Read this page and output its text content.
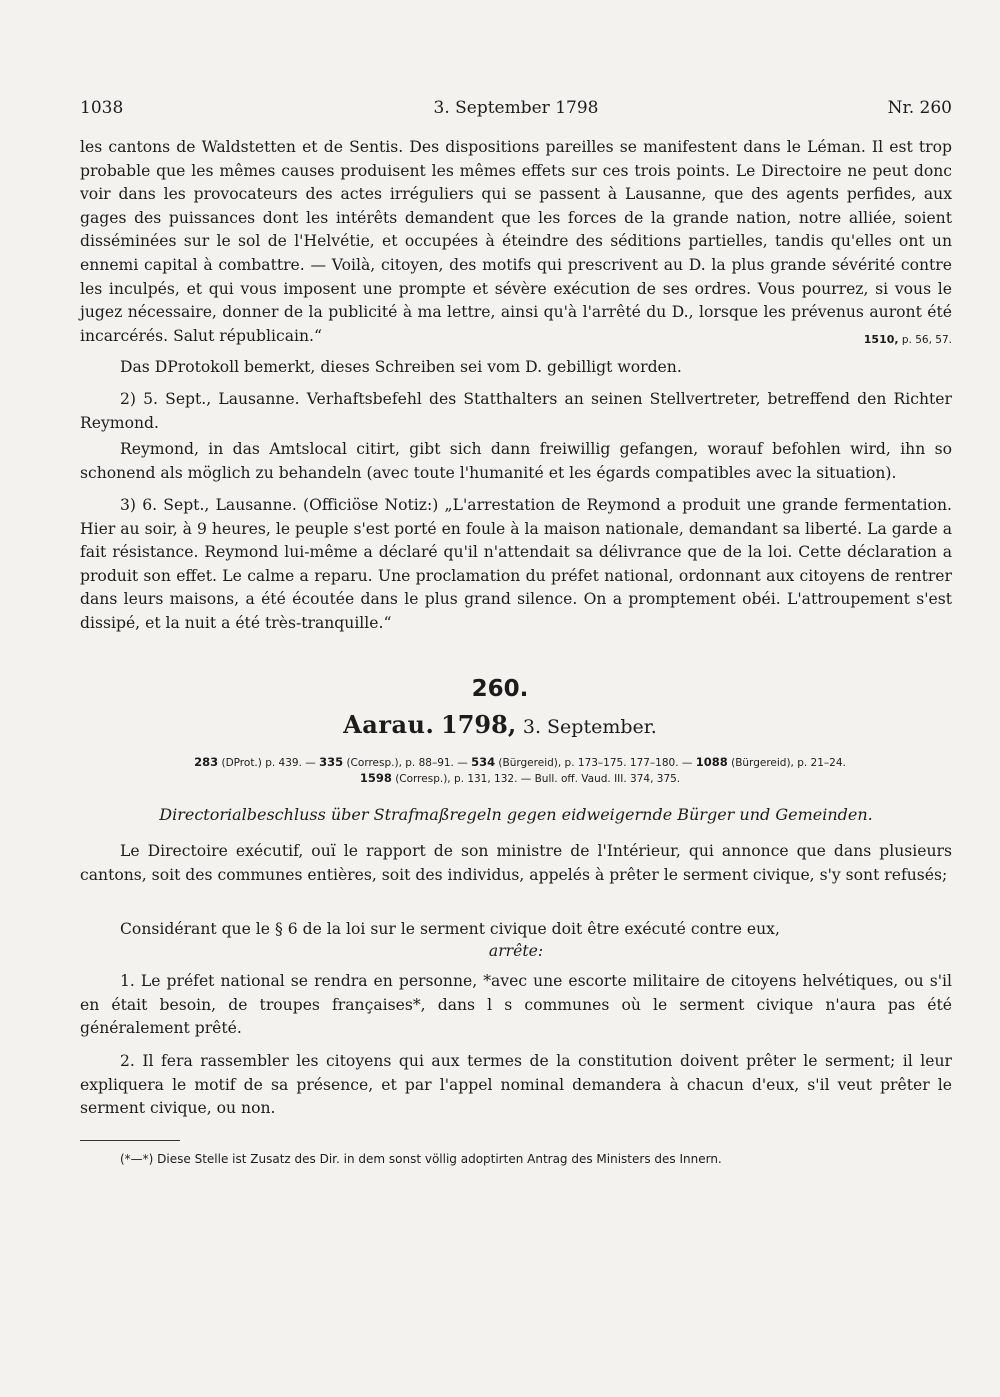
1038	3. September 1798	Nr. 260

les cantons de Waldstetten et de Sentis. Des dispositions pareilles se manifestent dans le Léman. Il est trop probable que les mêmes causes produisent les mêmes effets sur ces trois points. Le Directoire ne peut donc voir dans les provocateurs des actes irréguliers qui se passent à Lausanne, que des agents perfides, aux gages des puissances dont les intérêts demandent que les forces de la grande nation, notre alliée, soient disséminées sur le sol de l'Helvétie, et occupées à éteindre des séditions partielles, tandis qu'elles ont un ennemi capital à combattre. — Voilà, citoyen, des motifs qui prescrivent au D. la plus grande sévérité contre les inculpés, et qui vous imposent une prompte et sévère exécution de ses ordres. Vous pourrez, si vous le jugez nécessaire, donner de la publicité à ma lettre, ainsi qu'à l'arrêté du D., lorsque les prévenus auront été incarcérés. Salut républicain.“	1510, p. 56, 57.

Das DProtokoll bemerkt, dieses Schreiben sei vom D. gebilligt worden.

2) 5. Sept., Lausanne. Verhaftsbefehl des Statthalters an seinen Stellvertreter, betreffend den Richter Reymond.

Reymond, in das Amtslocal citirt, gibt sich dann freiwillig gefangen, worauf befohlen wird, ihn so schonend als möglich zu behandeln (avec toute l'humanité et les égards compatibles avec la situation).

3) 6. Sept., Lausanne. (Officiöse Notiz:) „L'arrestation de Reymond a produit une grande fermentation. Hier au soir, à 9 heures, le peuple s'est porté en foule à la maison nationale, demandant sa liberté. La garde a fait résistance. Reymond lui-même a déclaré qu'il n'attendait sa délivrance que de la loi. Cette déclaration a produit son effet. Le calme a reparu. Une proclamation du préfet national, ordonnant aux citoyens de rentrer dans leurs maisons, a été écoutée dans le plus grand silence. On a promptement obéi. L'attroupement s'est dissipé, et la nuit a été très-tranquille.“

260.
Aarau. 1798, 3. September.
283 (DProt.) p. 439. — 335 (Corresp.), p. 88–91. — 534 (Bürgereid), p. 173–175. 177–180. — 1088 (Bürgereid), p. 21–24.
1598 (Corresp.), p. 131, 132. — Bull. off. Vaud. III. 374, 375.
Directorialbeschluss über Strafmaßregeln gegen eidweigernde Bürger und Gemeinden.

Le Directoire exécutif, ouï le rapport de son ministre de l'Intérieur, qui annonce que dans plusieurs cantons, soit des communes entières, soit des individus, appelés à prêter le serment civique, s'y sont refusés;

Considérant que le § 6 de la loi sur le serment civique doit être exécuté contre eux,

arrête:

1. Le préfet national se rendra en personne, *avec une escorte militaire de citoyens helvétiques, ou s'il en était besoin, de troupes françaises*, dans l s communes où le serment civique n'aura pas été généralement prêté.

2. Il fera rassembler les citoyens qui aux termes de la constitution doivent prêter le serment; il leur expliquera le motif de sa présence, et par l'appel nominal demandera à chacun d'eux, s'il veut prêter le serment civique, ou non.

(*—*) Diese Stelle ist Zusatz des Dir. in dem sonst völlig adoptirten Antrag des Ministers des Innern.
